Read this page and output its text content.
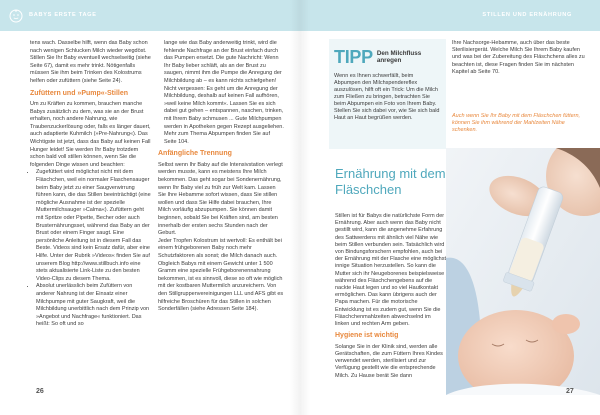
BABYS ERSTE TAGE	STILLEN UND ERNÄHRUNG

tens wach. Dasselbe hilft, wenn das Baby schon nach wenigen Schlucken Milch wieder wegdöst. Stillen Sie Ihr Baby eventuell wechselseitig (siehe Seite 67), damit es mehr trinkt. Nötigenfalls müssen Sie ihm beim Trinken des Kolostrums helfen oder zufüttern (siehe Seite 24).

Zufüttern und »Pump«-Stillen

Um zu Kräften zu kommen, brauchen manche Babys zusätzlich zu dem, was sie an der Brust erhalten, noch andere Nahrung, wie Traubenzuckerlösung oder, falls es länger dauert, auch adaptierte Kuhmilch (»Pre-Nahrung«). Das Wichtigste ist jetzt, dass das Baby auf keinen Fall Hunger leidet! Sie werden Ihr Baby trotzdem schon bald voll stillen können, wenn Sie die folgenden Dinge wissen und beachten:

• Zugefüttert wird möglichst nicht mit dem Fläschchen, weil ein normaler Flaschensauger beim Baby jetzt zu einer Saugverwirrung führen kann, die das Stillen beeinträchtigt (eine mögliche Ausnahme ist der spezielle Muttermilchsauger »Calma«). Zufüttern geht mit Spritze oder Pipette, Becher oder auch Brusternährungsset, während das Baby an der Brust oder einem Finger saugt. Eine persönliche Anleitung ist in diesem Fall das Beste. Videos sind kein Ersatz dafür, aber eine Hilfe. Unter der Rubrik »Videos« finden Sie auf unserem Blog http://www.stillbuch.info eine stets aktualisierte Link-Liste zu den besten Video-Clips zu diesem Thema.
• Absolut unerlässlich beim Zufüttern von anderer Nahrung ist der Einsatz einer Milchpumpe mit guter Saugkraft, weil die Milchbildung unerbittlich nach dem Prinzip von »Angebot und Nachfrage« funktioniert. Das heißt: So oft und so

lange wie das Baby anderweitig trinkt, wird die fehlende Nachfrage an der Brust einfach durch das Pumpen ersetzt. Die gute Nachricht: Wenn Ihr Baby lieber schläft, als an der Brust zu saugen, nimmt ihm die Pumpe die Anregung der Milchbildung ab – es kann nichts schiefgehen! Nicht vergessen: Es geht um die Anregung der Milchbildung, deshalb auf keinen Fall aufhören, »weil keine Milch kommt«. Lassen Sie es sich dabei gut gehen – entspannen, naschen, trinken, mit Ihrem Baby schmusen ... Gute Milchpumpen werden in Apotheken gegen Rezept ausgeliehen. Mehr zum Thema Abpumpen finden Sie auf Seite 104.

Anfängliche Trennung

Selbst wenn Ihr Baby auf die Intensivstation verlegt werden musste, kann es meistens Ihre Milch bekommen. Das geht sogar bei Sondenernährung, wenn Ihr Baby viel zu früh zur Welt kam. Lassen Sie Ihre Hebamme sofort wissen, dass Sie stillen wollen und dass Sie Hilfe dabei brauchen, Ihre Milch vorläufig abzupumpen. Sie können damit beginnen, sobald Sie bei Kräften sind, am besten innerhalb der ersten sechs Stunden nach der Geburt.

Jeder Tropfen Kolostrum ist wertvoll: Es enthält bei einem frühgeborenen Baby noch mehr Schutzfaktoren als sonst; die Milch danach auch. Obgleich Babys mit einem Gewicht unter 1 500 Gramm eine spezielle Frühgeborenennahrung bekommen, ist es sinnvoll, diese so oft wie möglich mit der kostbaren Muttermilch anzureichern. Von den Stillgruppenvereinigungen LLL und AFS gibt es hilfreiche Broschüren für das Stillen in solchen Sonderfällen (siehe Adressen Seite 184).

26
TIPP Den Milchfluss anregen

Wenn es Ihnen schwerfällt, beim Abpumpen den Milchspendereflex auszulösen, hilft oft ein Trick: Um die Milch zum Fließen zu bringen, betrachten Sie beim Abpumpen ein Foto von Ihrem Baby. Stellen Sie sich dabei vor, wie Sie sich bald Haut an Haut begrüßen werden.

Ernährung mit dem Fläschchen

Stillen ist für Babys die natürlichste Form der Ernährung. Aber auch wenn das Baby nicht gestillt wird, kann die angenehme Erfahrung des Sattwerdens mit ähnlich viel Nähe wie beim Stillen verbunden sein. Tatsächlich wird von Bindungsforschern empfohlen, auch bei der Ernährung mit der Flasche eine möglichst innige Situation herzustellen. So kann die Mutter sich ihr Neugeborenes beispielsweise während des Fläschchengebens auf die nackte Haut legen und so viel Hautkontakt ermöglichen. Das kann übrigens auch der Papa machen. Für die motorische Entwicklung ist es zudem gut, wenn Sie die Fläschchenmahlzeiten abwechselnd im linken und rechten Arm geben.

Hygiene ist wichtig

Solange Sie in der Klinik sind, werden alle Gerätschaften, die zum Füttern Ihres Kindes verwendet werden, sterilisiert und zur Verfügung gestellt wie die entsprechende Milch. Zu Hause berät Sie dann

Ihre Nachsorge-Hebamme, auch über das beste Sterilisiergerät. Welche Milch Sie Ihrem Baby kaufen und was bei der Zubereitung des Fläschchens alles zu beachten ist, diese Fragen finden Sie im nächsten Kapitel ab Seite 70.

Auch wenn Sie Ihr Baby mit dem Fläschchen füttern, können Sie ihm während der Mahlzeiten Nähe schenken.

27
